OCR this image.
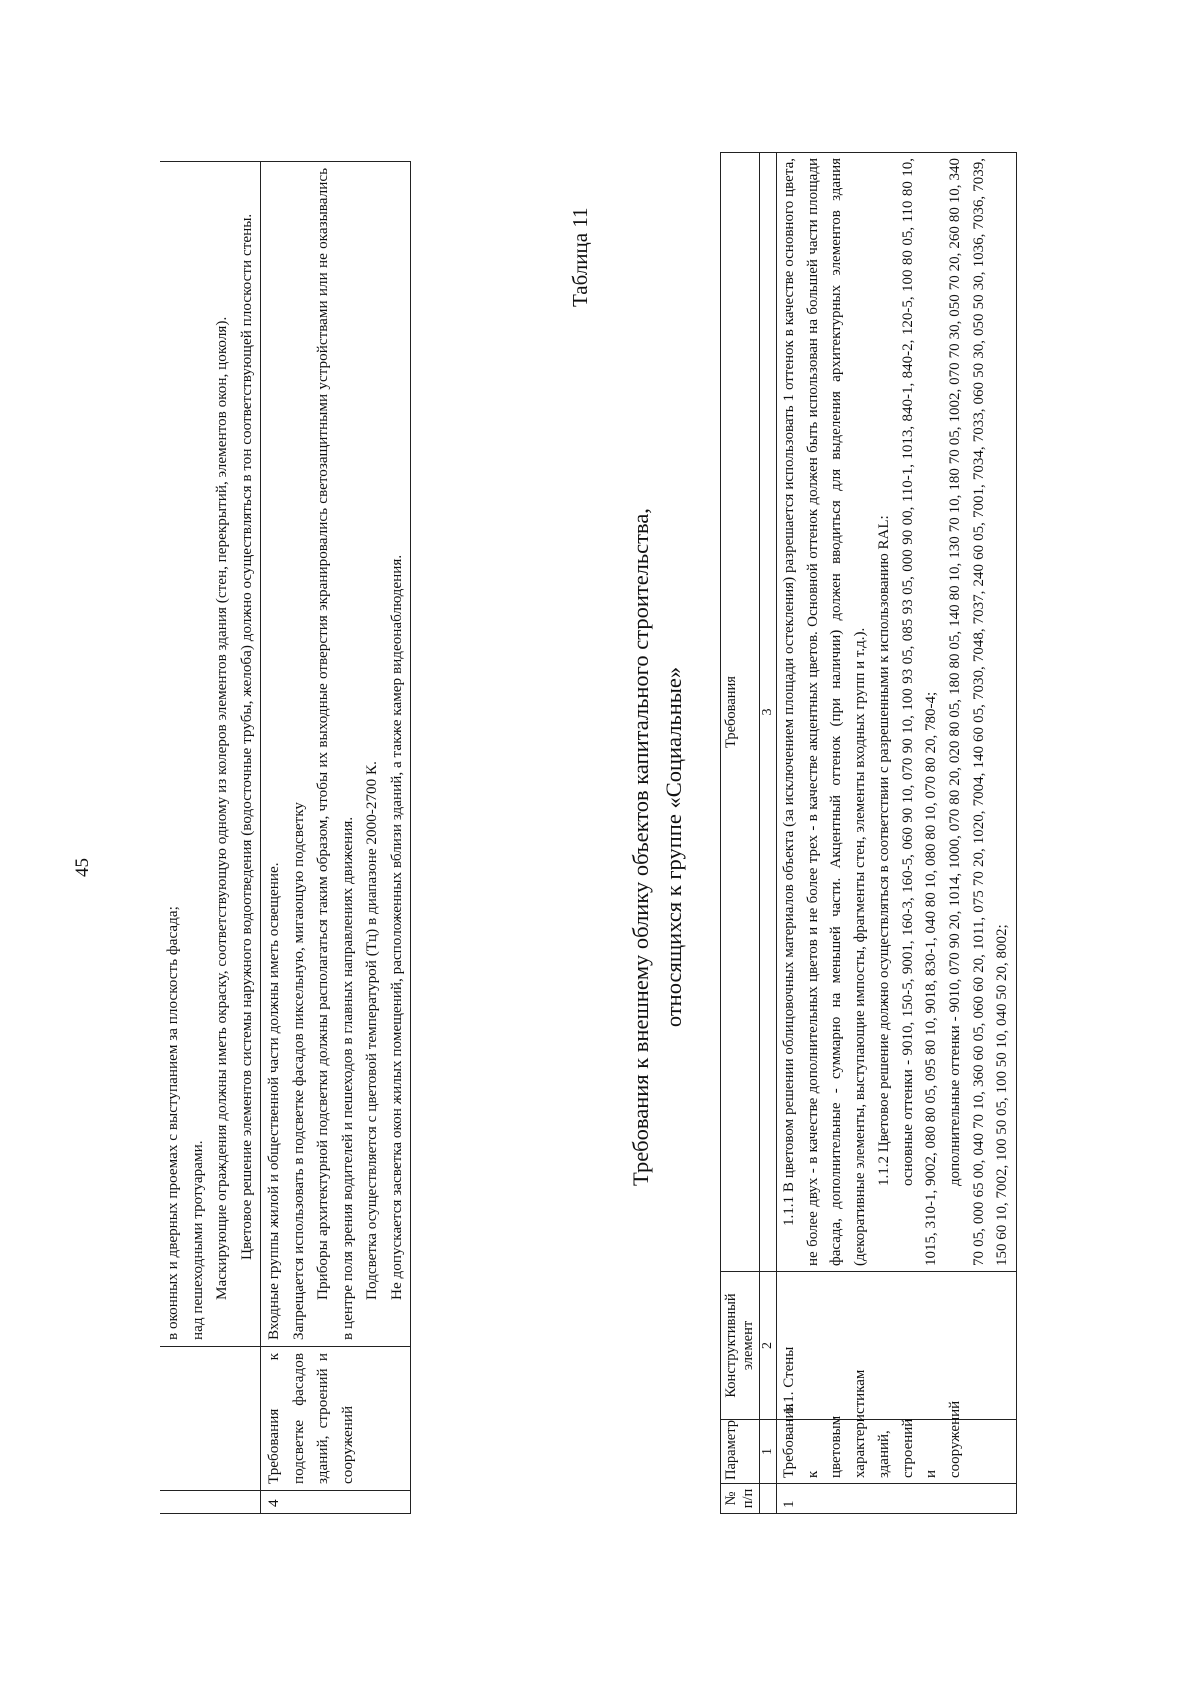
45

		в оконных и дверных проемах с выступанием за плоскость фасада; над пешеходными тротуарами. Маскирующие ограждения должны иметь окраску, соответствующую одному из колеров элементов здания (стен, перекрытий, элементов окон, цоколя). Цветовое решение элементов системы наружного водоотведения (водосточные трубы, желоба) должно осуществляться в тон соответствующей плоскости стены.

4	Требования к подсветке фасадов зданий, строений и сооружений	Входные группы жилой и общественной части должны иметь освещение. Запрещается использовать в подсветке фасадов пиксельную, мигающую подсветку Приборы архитектурной подсветки должны располагаться таким образом, чтобы их выходные отверстия экранировались светозащитными устройствами или не оказывались в центре поля зрения водителей и пешеходов в главных направлениях движения. Подсветка осуществляется с цветовой температурой (Тц) в диапазоне 2000-2700 К. Не допускается засветка окон жилых помещений, расположенных вблизи зданий, а также камер видеонаблюдения.

Таблица 11
Требования к внешнему облику объектов капитального строительства, относящихся к группе «Социальные»
№ п/п	Параметр	Конструктивный элемент	Требования
	1	2	3
1	Требования к цветовым характеристикам зданий, строений и сооружений	1.1. Стены	1.1.1 В цветовом решении облицовочных материалов объекта (за исключением площади остекления) разрешается использовать 1 оттенок в качестве основного цвета, не более двух - в качестве дополнительных цветов и не более трех - в качестве акцентных цветов. Основной оттенок должен быть использован на большей части площади фасада, дополнительные - суммарно на меньшей части. Акцентный оттенок (при наличии) должен вводиться для выделения архитектурных элементов здания (декоративные элементы, выступающие импосты, фрагменты стен, элементы входных групп и т.д.). 1.1.2 Цветовое решение должно осуществляться в соответствии с разрешенными к использованию RAL: основные оттенки - 9010, 150-5, 9001, 160-3, 160-5, 060 90 10, 070 90 10, 100 93 05, 085 93 05, 000 90 00, 110-1, 1013, 840-1, 840-2, 120-5, 100 80 05, 110 80 10, 1015, 310-1, 9002, 080 80 05, 095 80 10, 9018, 830-1, 040 80 10, 080 80 10, 070 80 20, 780-4; дополнительные оттенки - 9010, 070 90 20, 1014, 1000, 070 80 20, 020 80 05, 180 80 05, 140 80 10, 130 70 10, 180 70 05, 1002, 070 70 30, 050 70 20, 260 80 10, 340 70 05, 000 65 00, 040 70 10, 360 60 05, 060 60 20, 1011, 075 70 20, 1020, 7004, 140 60 05, 7030, 7048, 7037, 240 60 05, 7001, 7034, 7033, 060 50 30, 050 50 30, 1036, 7036, 7039, 150 60 10, 7002, 100 50 05, 100 50 10, 040 50 20, 8002;
